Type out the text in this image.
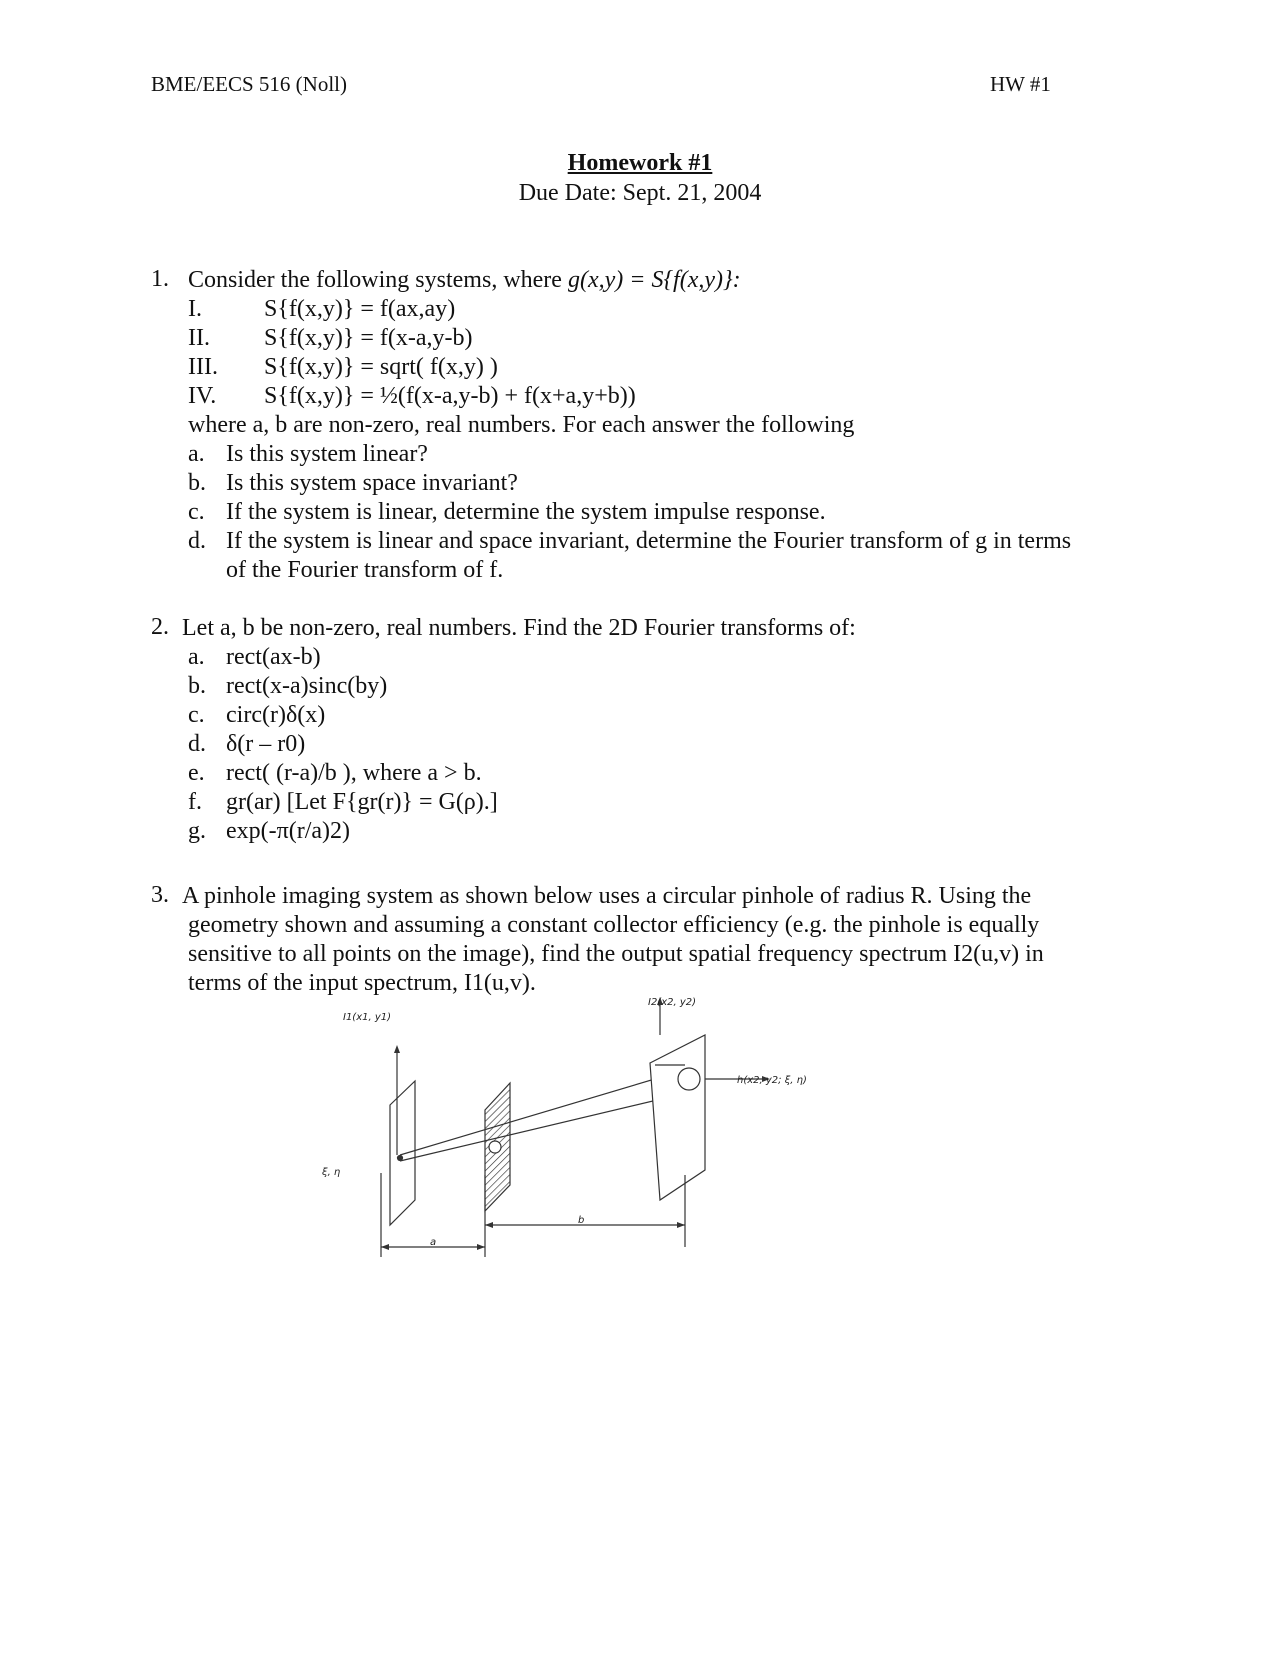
BME/EECS 516 (Noll)	HW #1
Homework #1
Due Date: Sept. 21, 2004
1. Consider the following systems, where g(x,y) = S{f(x,y)}:
I.	S{f(x,y)} = f(ax,ay)
II. S{f(x,y)} = f(x-a,y-b)
III. S{f(x,y)} = sqrt( f(x,y) )
IV. S{f(x,y)} = ½(f(x-a,y-b) + f(x+a,y+b))
where a, b are non-zero, real numbers. For each answer the following
a. Is this system linear?
b. Is this system space invariant?
c. If the system is linear, determine the system impulse response.
d. If the system is linear and space invariant, determine the Fourier transform of g in terms
of the Fourier transform of f.
2. Let a, b be non-zero, real numbers. Find the 2D Fourier transforms of:
a. rect(ax-b)
b. rect(x-a)sinc(by)
c. circ(r)δ(x)
d. δ(r – r0)
e. rect( (r-a)/b ), where a > b.
f. gr(ar) [Let F{gr(r)} = G(ρ).]
g. exp(-π(r/a)2)
3. A pinhole imaging system as shown below uses a circular pinhole of radius R. Using the
geometry shown and assuming a constant collector efficiency (e.g. the pinhole is equally
sensitive to all points on the image), find the output spatial frequency spectrum I2(u,v) in
terms of the input spectrum, I1(u,v).
I1(x1, y1)
I2(x2, y2)
h(x2, y2; ξ, η)
ξ, η
a
b
